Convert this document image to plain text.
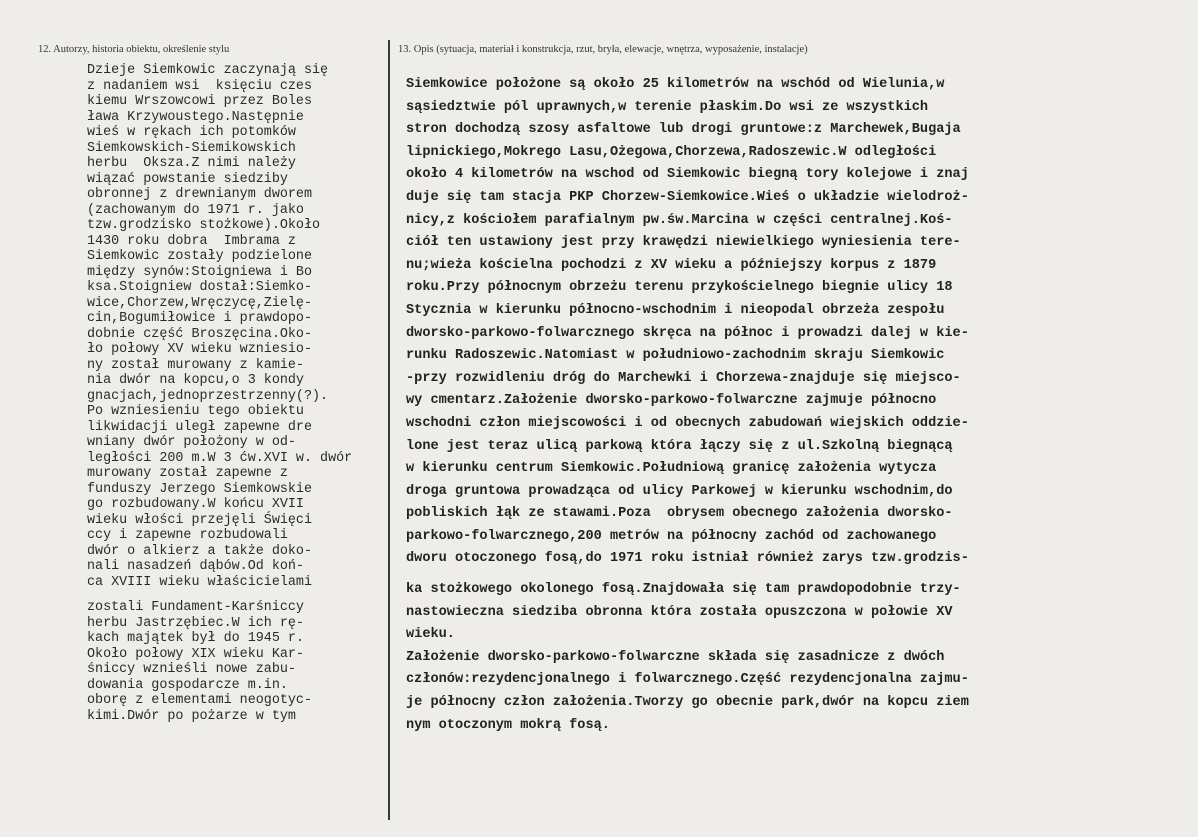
12. Autorzy, historia obiektu, określenie stylu	13. Opis (sytuacja, materiał i konstrukcja, rzut, bryła, elewacje, wnętrza, wyposażenie, instalacje)
Dzieje Siemkowic zaczynają się
z nadaniem wsi  księciu czes
kiemu Wrszowcowi przez Boles
ława Krzywoustego.Następnie
wieś w rękach ich potomków
Siemkowskich-Siemikowskich
herbu  Oksza.Z nimi należy
wiązać powstanie siedziby
obronnej z drewnianym dworem
(zachowanym do 1971 r. jako
tzw.grodzisko stożkowe).Około
1430 roku dobra  Imbrama z
Siemkowic zostały podzielone
między synów:Stoigniewa i Bo
ksa.Stoigniew dostał:Siemko-
wice,Chorzew,Wręczycę,Zielę-
cin,Bogumiłowice i prawdopo-
dobnie część Broszęcina.Oko-
ło połowy XV wieku wzniesio-
ny został murowany z kamie-
nia dwór na kopcu,o 3 kondy
gnacjach,jednoprzestrzenny(?).
Po wzniesieniu tego obiektu
likwidacji uległ zapewne dre
wniany dwór położony w od-
ległości 200 m.W 3 ćw.XVI w. dwór
murowany został zapewne z
funduszy Jerzego Siemkowskie
go rozbudowany.W końcu XVII
wieku włości przejęli Święci
ccy i zapewne rozbudowali
dwór o alkierz a także doko-
nali nasadzeń dąbów.Od koń-
ca XVIII wieku właścicielami
zostali Fundament-Karśniccy
herbu Jastrzębiec.W ich rę-
kach majątek był do 1945 r.
Około połowy XIX wieku Kar-
śniccy wznieśli nowe zabu-
dowania gospodarcze m.in.
oborę z elementami neogotyc-
kimi.Dwór po pożarze w tym
Siemkowice położone są około 25 kilometrów na wschód od Wielunia,w
sąsiedztwie pól uprawnych,w terenie płaskim.Do wsi ze wszystkich
stron dochodzą szosy asfaltowe lub drogi gruntowe:z Marchewek,Bugaja
lipnickiego,Mokrego Lasu,Ożegowa,Chorzewa,Radoszewic.W odległości
około 4 kilometrów na wschod od Siemkowic biegną tory kolejowe i znaj
duje się tam stacja PKP Chorzew-Siemkowice.Wieś o układzie wielodroż-
nicy,z kościołem parafialnym pw.św.Marcina w części centralnej.Koś-
ciół ten ustawiony jest przy krawędzi niewielkiego wyniesienia tere-
nu;wieża kościelna pochodzi z XV wieku a późniejszy korpus z 1879
roku.Przy północnym obrzeżu terenu przykościelnego biegnie ulicy 18
Stycznia w kierunku północno-wschodnim i nieopodal obrzeża zespołu
dworsko-parkowo-folwarcznego skręca na północ i prowadzi dalej w kie-
runku Radoszewic.Natomiast w południowo-zachodnim skraju Siemkowic
-przy rozwidleniu dróg do Marchewki i Chorzewa-znajduje się miejsco-
wy cmentarz.Założenie dworsko-parkowo-folwarczne zajmuje północno
wschodni człon miejscowości i od obecnych zabudowań wiejskich oddzie-
lone jest teraz ulicą parkową która łączy się z ul.Szkolną biegnącą
w kierunku centrum Siemkowic.Południową granicę założenia wytycza
droga gruntowa prowadząca od ulicy Parkowej w kierunku wschodnim,do
pobliskich łąk ze stawami.Poza  obrysem obecnego założenia dworsko-
parkowo-folwarcznego,200 metrów na północny zachód od zachowanego
dworu otoczonego fosą,do 1971 roku istniał również zarys tzw.grodzis-
ka stożkowego okolonego fosą.Znajdowała się tam prawdopodobnie trzy-
nastowieczna siedziba obronna która została opuszczona w połowie XV
wieku.
Założenie dworsko-parkowo-folwarczne składa się zasadnicze z dwóch
członów:rezydencjonalnego i folwarcznego.Część rezydencjonalna zajmu-
je północny człon założenia.Tworzy go obecnie park,dwór na kopcu ziem
nym otoczonym mokrą fosą.
